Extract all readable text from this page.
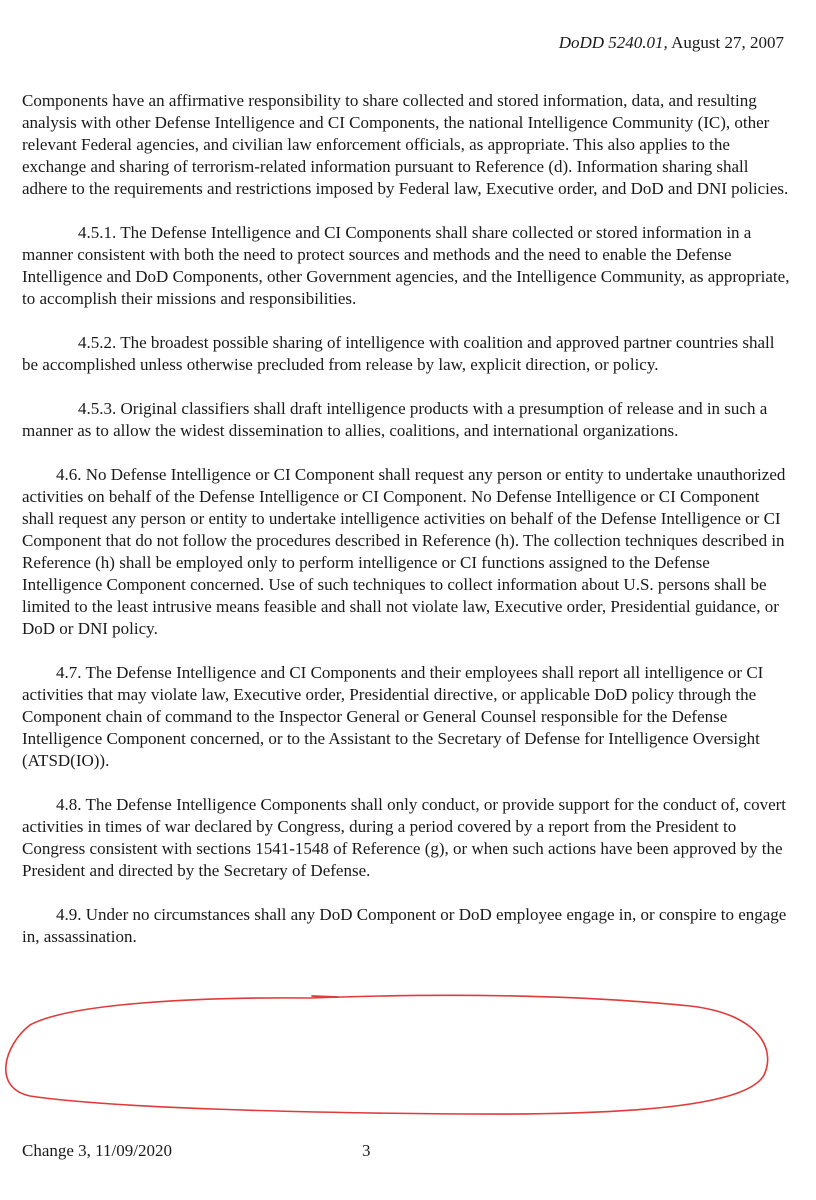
DoDD 5240.01, August 27, 2007

Components have an affirmative responsibility to share collected and stored information, data, and resulting analysis with other Defense Intelligence and CI Components, the national Intelligence Community (IC), other relevant Federal agencies, and civilian law enforcement officials, as appropriate. This also applies to the exchange and sharing of terrorism-related information pursuant to Reference (d). Information sharing shall adhere to the requirements and restrictions imposed by Federal law, Executive order, and DoD and DNI policies.

4.5.1. The Defense Intelligence and CI Components shall share collected or stored information in a manner consistent with both the need to protect sources and methods and the need to enable the Defense Intelligence and DoD Components, other Government agencies, and the Intelligence Community, as appropriate, to accomplish their missions and responsibilities.

4.5.2. The broadest possible sharing of intelligence with coalition and approved partner countries shall be accomplished unless otherwise precluded from release by law, explicit direction, or policy.

4.5.3. Original classifiers shall draft intelligence products with a presumption of release and in such a manner as to allow the widest dissemination to allies, coalitions, and international organizations.

4.6. No Defense Intelligence or CI Component shall request any person or entity to undertake unauthorized activities on behalf of the Defense Intelligence or CI Component. No Defense Intelligence or CI Component shall request any person or entity to undertake intelligence activities on behalf of the Defense Intelligence or CI Component that do not follow the procedures described in Reference (h). The collection techniques described in Reference (h) shall be employed only to perform intelligence or CI functions assigned to the Defense Intelligence Component concerned. Use of such techniques to collect information about U.S. persons shall be limited to the least intrusive means feasible and shall not violate law, Executive order, Presidential guidance, or DoD or DNI policy.

4.7. The Defense Intelligence and CI Components and their employees shall report all intelligence or CI activities that may violate law, Executive order, Presidential directive, or applicable DoD policy through the Component chain of command to the Inspector General or General Counsel responsible for the Defense Intelligence Component concerned, or to the Assistant to the Secretary of Defense for Intelligence Oversight (ATSD(IO)).

4.8. The Defense Intelligence Components shall only conduct, or provide support for the conduct of, covert activities in times of war declared by Congress, during a period covered by a report from the President to Congress consistent with sections 1541-1548 of Reference (g), or when such actions have been approved by the President and directed by the Secretary of Defense.

4.9. Under no circumstances shall any DoD Component or DoD employee engage in, or conspire to engage in, assassination.

Change 3, 11/09/2020	3
